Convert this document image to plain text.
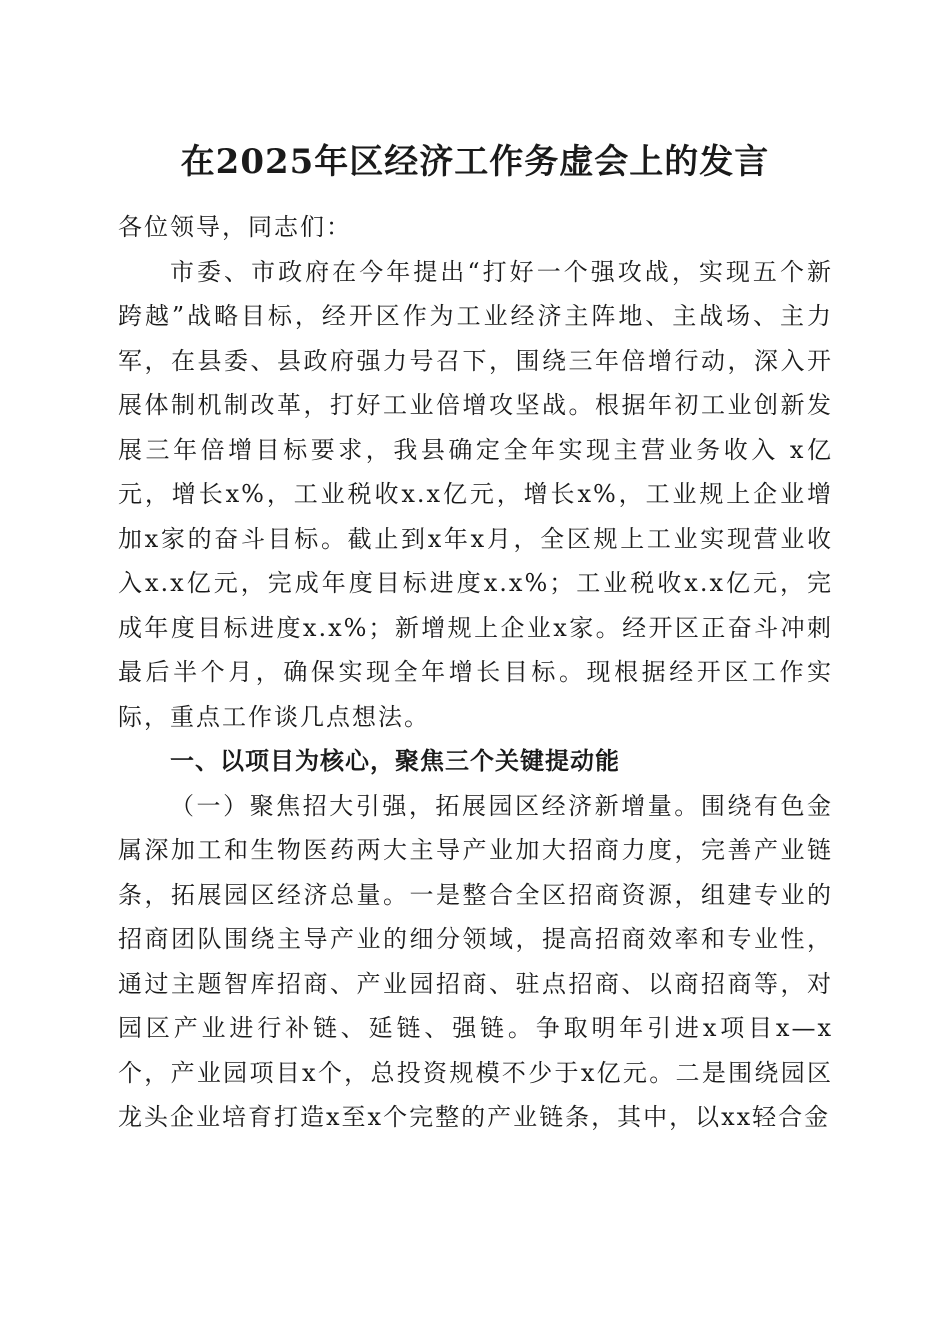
在2025年区经济工作务虚会上的发言

各位领导，同志们：

市委、市政府在今年提出“打好一个强攻战，实现五个新跨越”战略目标，经开区作为工业经济主阵地、主战场、主力军，在县委、县政府强力号召下，围绕三年倍增行动，深入开展体制机制改革，打好工业倍增攻坚战。根据年初工业创新发展三年倍增目标要求，我县确定全年实现主营业务收入 x亿元，增长x%，工业税收x.x亿元，增长x%，工业规上企业增加x家的奋斗目标。截止到x年x月，全区规上工业实现营业收入x.x亿元，完成年度目标进度x.x%；工业税收x.x亿元，完成年度目标进度x.x%；新增规上企业x家。经开区正奋斗冲刺最后半个月，确保实现全年增长目标。现根据经开区工作实际，重点工作谈几点想法。

一、以项目为核心，聚焦三个关键提动能

（一）聚焦招大引强，拓展园区经济新增量。围绕有色金属深加工和生物医药两大主导产业加大招商力度，完善产业链条，拓展园区经济总量。一是整合全区招商资源，组建专业的招商团队围绕主导产业的细分领域，提高招商效率和专业性，通过主题智库招商、产业园招商、驻点招商、以商招商等，对园区产业进行补链、延链、强链。争取明年引进x项目x—x个，产业园项目x个，总投资规模不少于x亿元。二是围绕园区龙头企业培育打造x至x个完整的产业链条，其中，以xx轻合金
